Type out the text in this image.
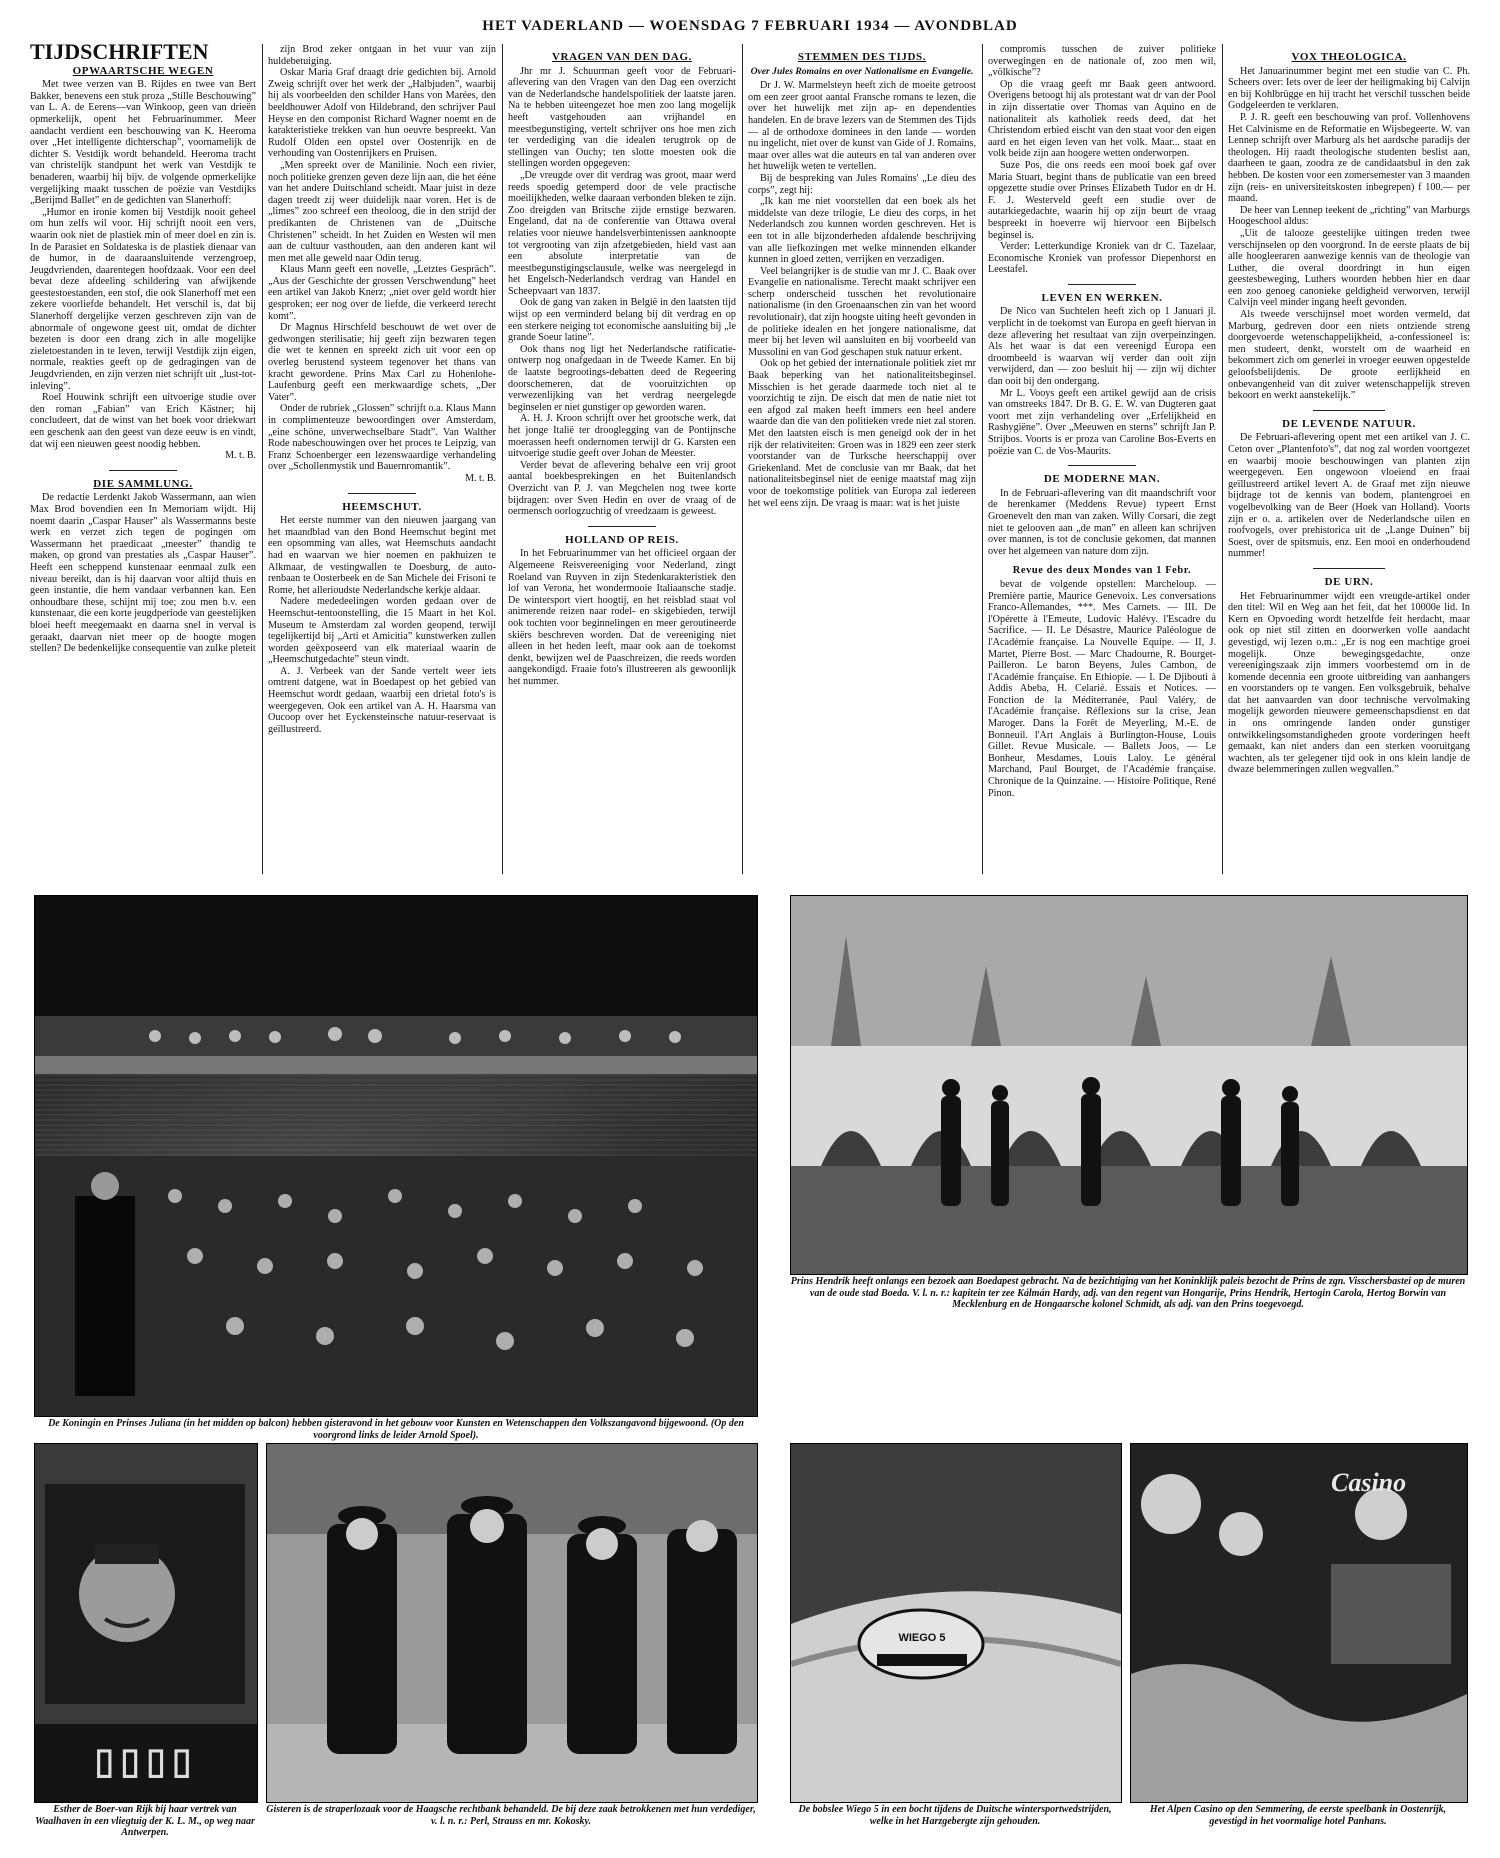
HET VADERLAND — WOENSDAG 7 FEBRUARI 1934 — AVONDBLAD
TIJDSCHRIFTEN
OPWAARTSCHE WEGEN

Met twee verzen van B. Rijdes en twee van Bert Bakker, benevens een stuk proza „Stille Beschouwing” van L. A. de Eerens—van Winkoop, geen van drieën opmerkelijk, opent het Februarinummer. Meer aandacht verdient een beschouwing van K. Heeroma over „Het intelligente dichterschap”, voornamelijk de dichter S. Vestdijk wordt behandeld. Heeroma tracht van christelijk standpunt het werk van Vestdijk te benaderen, waarbij hij bijv. de volgende opmerkelijke vergelijking maakt tusschen de poëzie van Vestdijks „Berijmd Ballet” en de gedichten van Slanerhoff:

„Humor en ironie komen bij Vestdijk nooit geheel om hun zelfs wil voor. Hij schrijft nooit een vers, waarin ook niet de plastiek min of meer doel en zin is. In de Parasiet en Soldateska is de plastiek dienaar van de humor, in de daaraansluitende verzengroep, Jeugdvrienden, daarentegen hoofdzaak. Voor een deel bevat deze afdeeling schildering van afwijkende geestestoestanden, een stof, die ook Slanerhoff met een zekere voorliefde behandelt. Het verschil is, dat bij Slanerhoff dergelijke verzen geschreven zijn van de abnormale of ongewone geest uit, omdat de dichter bezeten is door een drang zich in alle mogelijke zieletoestanden in te leven, terwijl Vestdijk zijn eigen, normale, reakties geeft op de gedragingen van de Jeugdvrienden, en zijn verzen niet schrijft uit „lust-tot-inleving”.

Roel Houwink schrijft een uitvoerige studie over den roman „Fabian” van Erich Kästner; hij concludeert, dat de winst van het boek voor driekwart een geschenk aan den geest van deze eeuw is en vindt, dat wij een nieuwen geest noodig hebben.

M. t. B.
DIE SAMMLUNG.

De redactie Lerdenkt Jakob Wassermann, aan wien Max Brod bovendien een In Memoriam wijdt. Hij noemt daarin „Caspar Hauser” als Wassermanns beste werk en verzet zich tegen de pogingen om Wassermann het praedicaat „meester” thandig te maken, op grond van prestaties als „Caspar Hauser”. Heeft een scheppend kunstenaar eenmaal zulk een niveau bereikt, dan is hij daarvan voor altijd thuis en geen instantie, die hem vandaar verbannen kan. Een onhoudbare these, schijnt mij toe; zou men b.v. een kunstenaar, die een korte jeugdperiode van geestelijken bloei heeft meegemaakt en daarna snel in verval is geraakt, daarvan niet meer op de hoogte mogen stellen? De bedenkelijke consequentie van zulke pleteit

zijn Brod zeker ontgaan in het vuur van zijn huldebetuiging.

Oskar Maria Graf draagt drie gedichten bij. Arnold Zweig schrijft over het werk der „Halbjuden”, waarbij hij als voorbeelden den schilder Hans von Marées, den beeldhouwer Adolf von Hildebrand, den schrijver Paul Heyse en den componist Richard Wagner noemt en de karakteristieke trekken van hun oeuvre bespreekt. Van Rudolf Olden een opstel over Oostenrijk en de verhouding van Oostenrijkers en Pruisen.

„Men spreekt over de Manilinie. Noch een rivier, noch politieke grenzen geven deze lijn aan, die het ééne van het andere Duitschland scheidt. Maar juist in deze dagen treedt zij weer duidelijk naar voren. Het is de „limes” zoo schreef een theoloog, die in den strijd der predikanten de Christenen van de „Duitsche Christenen” scheidt. In het Zuiden en Westen wil men aan de cultuur vasthouden, aan den anderen kant wil men met alle geweld naar Odin terug.

Klaus Mann geeft een novelle, „Letztes Gespräch”. „Aus der Geschichte der grossen Verschwendung” heet een artikel van Jakob Knerz; „niet over geld wordt hier gesproken; eer nog over de liefde, die verkeerd terecht komt”.

Dr Magnus Hirschfeld beschouwt de wet over de gedwongen sterilisatie; hij geeft zijn bezwaren tegen die wet te kennen en spreekt zich uit voor een op overleg berustend systeem tegenover het thans van kracht gewordene. Prins Max Carl zu Hohenlohe-Laufenburg geeft een merkwaardige schets, „Der Vater”.

Onder de rubriek „Glossen” schrijft o.a. Klaus Mann in complimenteuze bewoordingen over Amsterdam, „eine schöne, unverwechselbare Stadt”. Van Walther Rode nabeschouwingen over het proces te Leipzig, van Franz Schoenberger een lezenswaardige verhandeling over „Schollenmystik und Bauernromantik”.

M. t. B.
HEEMSCHUT.

Het eerste nummer van den nieuwen jaargang van het maandblad van den Bond Heemschut begint met een opsomming van alles, wat Heemschuts aandacht had en waarvan we hier noemen en pakhuizen te Alkmaar, de vestingwallen te Doesburg, de auto-renbaan te Oosterbeek en de San Michele dei Frisoni te Rome, het allerioudste Nederlandsche kerkje aldaar.

Nadere mededeelingen worden gedaan over de Heemschut-tentoonstelling, die 15 Maart in het Kol. Museum te Amsterdam zal worden geopend, terwijl tegelijkertijd bij „Arti et Amicitia” kunstwerken zullen worden geëxposeerd van elk materiaal waarin de „Heemschutgedachte” steun vindt.

A. J. Verbeek van der Sande vertelt weer iets omtrent datgene, wat in Boedapest op het gebied van Heemschut wordt gedaan, waarbij een drietal foto's is weergegeven. Ook een artikel van A. H. Haarsma van Oucoop over het Eyckensteinsche natuur-reservaat is geïllustreerd.

VRAGEN VAN DEN DAG.

Jhr mr J. Schuurman geeft voor de Februari-aflevering van den Vragen van den Dag een overzicht van de Nederlandsche handelspolitiek der laatste jaren. Na te hebben uiteengezet hoe men zoo lang mogelijk heeft vastgehouden aan vrijhandel en meestbegunstiging, vertelt schrijver ons hoe men zich ter verdediging van die idealen terugtrok op de stellingen van Ouchy; ten slotte moesten ook die stellingen worden opgegeven:

„De vreugde over dit verdrag was groot, maar werd reeds spoedig getemperd door de vele practische moeilijkheden, welke daaraan verbonden bleken te zijn. Zoo dreigden van Britsche zijde ernstige bezwaren. Engeland, dat na de conferentie van Ottawa overal relaties voor nieuwe handelsverbintenissen aanknoopte tot vergrooting van zijn afzetgebieden, hield vast aan een absolute interpretatie van de meestbegunstigingsclausule, welke was neergelegd in het Engelsch-Nederlandsch verdrag van Handel en Scheepvaart van 1837.

Ook de gang van zaken in België in den laatsten tijd wijst op een verminderd belang bij dit verdrag en op een sterkere neiging tot economische aansluiting bij „le grande Soeur latine”.

Ook thans nog ligt het Nederlandsche ratificatie-ontwerp nog onafgedaan in de Tweede Kamer. En bij de laatste begrootings-debatten deed de Regeering doorschemeren, dat de vooruitzichten op verwezenlijking van het verdrag neergelegde beginselen er niet gunstiger op geworden waren.

A. H. J. Kroon schrijft over het grootsche werk, dat het jonge Italië ter drooglegging van de Pontijnsche moerassen heeft ondernomen terwijl dr G. Karsten een uitvoerige studie geeft over Johan de Meester.

Verder bevat de aflevering behalve een vrij groot aantal boekbesprekingen en het Buitenlandsch Overzicht van P. J. van Megchelen nog twee korte bijdragen: over Sven Hedin en over de vraag of de oermensch oorlogzuchtig of vreedzaam is geweest.

HOLLAND OP REIS.

In het Februarinummer van het officieel orgaan der Algemeene Reisvereeniging voor Nederland, zingt Roeland van Ruyven in zijn Stedenkarakteristiek den lof van Verona, het wondermooie Italiaansche stadje. De wintersport viert hoogtij, en het reisblad staat vol animerende reizen naar rodel- en skigebieden, terwijl ook tochten voor beginnelingen en meer geroutineerde skiërs beschreven worden. Dat de vereeniging niet alleen in het heden leeft, maar ook aan de toekomst denkt, bewijzen wel de Paaschreizen, die reeds worden aangekondigd. Fraaie foto's illustreeren als gewoonlijk het nummer.

STEMMEN DES TIJDS.
Over Jules Romains en over Nationalisme en Evangelie.

Dr J. W. Marmelsteyn heeft zich de moeite getroost om een zeer groot aantal Fransche romans te lezen, die over het huwelijk met zijn ap- en dependenties handelen. En de brave lezers van de Stemmen des Tijds — al de orthodoxe dominees in den lande — worden nu ingelicht, niet over de kunst van Gide of J. Romains, maar over alles wat die auteurs en tal van anderen over het huwelijk weten te vertellen.

Bij de bespreking van Jules Romains' „Le dieu des corps”, zegt hij:

„Ik kan me niet voorstellen dat een boek als het middelste van deze trilogie, Le dieu des corps, in het Nederlandsch zou kunnen worden geschreven. Het is een tot in alle bijzonderheden afdalende beschrijving van alle liefkozingen met welke minnenden elkander kunnen in gloed zetten, verrijken en verzadigen.

Veel belangrijker is de studie van mr J. C. Baak over Evangelie en nationalisme. Terecht maakt schrijver een scherp onderscheid tusschen het revolutionaire nationalisme (in den Groenaanschen zin van het woord revolutionair), dat zijn hoogste uiting heeft gevonden in de politieke idealen en het jongere nationalisme, dat meer bij het leven wil aansluiten en bij voorbeeld van Mussolini en van God geschapen stuk natuur erkent.

Ook op het gebied der internationale politiek ziet mr Baak beperking van het nationaliteitsbeginsel. Misschien is het gerade daarmede toch niet al te voorzichtig te zijn. De eisch dat men de natie niet tot een afgod zal maken heeft immers een heel andere waarde dan die van den politieken vrede niet zal storen. Met den laatsten eisch is men geneigd ook der in het rijk der relativiteiten: Groen was in 1829 een zeer sterk voorstander van de Turksche heerschappij over Griekenland. Met de conclusie van mr Baak, dat het nationaliteitsbeginsel niet de eenige maatstaf mag zijn voor de toekomstige politiek van Europa zal iedereen het wel eens zijn. De vraag is maar: wat is het juiste

compromis tusschen de zuiver politieke overwegingen en de nationale of, zoo men wil, „völkische”?

Op die vraag geeft mr Baak geen antwoord. Overigens betoogt hij als protestant wat dr van der Pool in zijn dissertatie over Thomas van Aquino en de nationaliteit als katholiek reeds deed, dat het Christendom erbied eischt van den staat voor den eigen aard en het eigen leven van het volk. Maar... staat en volk beide zijn aan hoogere wetten onderworpen.

Suze Pos, die ons reeds een mooi boek gaf over Maria Stuart, begint thans de publicatie van een breed opgezette studie over Prinses Elizabeth Tudor en dr H. F. J. Westerveld geeft een studie over de autarkiegedachte, waarin hij op zijn beurt de vraag bespreekt in hoeverre wij hiervoor een Bijbelsch beginsel is.

Verder: Letterkundige Kroniek van dr C. Tazelaar, Economische Kroniek van professor Diepenhorst en Leestafel.

LEVEN EN WERKEN.

De Nico van Suchtelen heeft zich op 1 Januari jl. verplicht in de toekomst van Europa en geeft hiervan in deze aflevering het resultaat van zijn overpeinzingen. Als het waar is dat een vereenigd Europa een droombeeld is waarvan wij verder dan ooit zijn verwijderd, dan — zoo besluit hij — zijn wij dichter dan ooit bij den ondergang.

Mr L. Vooys geeft een artikel gewijd aan de crisis van omstreeks 1847. Dr B. G. E. W. van Dugteren gaat voort met zijn verhandeling over „Erfelijkheid en Rashygiëne”. Over „Meeuwen en sterns” schrijft Jan P. Strijbos. Voorts is er proza van Caroline Bos-Everts en poëzie van C. de Vos-Maurits.

DE MODERNE MAN.

In de Februari-aflevering van dit maandschrift voor de herenkamer (Meddens Revue) typeert Ernst Groenevelt den man van zaken. Willy Corsari, die zegt niet te gelooven aan „de man” en alleen kan schrijven over mannen, is tot de conclusie gekomen, dat mannen over het algemeen van nature dom zijn.

Revue des deux Mondes van 1 Febr.

bevat de volgende opstellen: Marcheloup. — Première partie, Maurice Genevoix. Les conversations Franco-Allemandes, ***. Mes Carnets. — III. De l'Opérette à l'Emeute, Ludovic Halévy. l'Escadre du Sacrifice. — II. Le Désastre, Maurice Paléologue de l'Académie française. La Nouvelle Equipe. — II, J. Martet, Pierre Bost. — Marc Chadourne, R. Bourget-Pailleron. Le baron Beyens, Jules Cambon, de l'Académie française. En Ethiopie. — I. De Djibouti à Addis Abeba, H. Celarié. Essais et Notices. — Fonction de la Méditerranée, Paul Valéry, de l'Académie française. Réflexions sur la crise, Jean Maroger. Dans la Forêt de Meyerling, M.-E. de Bonneuil. l'Art Anglais à Burlington-House, Louis Gillet. Revue Musicale. — Ballets Joos, — Le Bonheur, Mesdames, Louis Laloy. Le général Marchand, Paul Bourget, de l'Académie française. Chronique de la Quinzaine. — Histoire Politique, René Pinon.

VOX THEOLOGICA.

Het Januarinummer begint met een studie van C. Ph. Scheers over: Iets over de leer der heiligmaking bij Calvijn en bij Kohlbrügge en hij tracht het verschil tusschen beide Godgeleerden te verklaren.

P. J. R. geeft een beschouwing van prof. Vollenhovens Het Calvinisme en de Reformatie en Wijsbegeerte. W. van Lennep schrijft over Marburg als het aardsche paradijs der theologen. Hij raadt theologische studenten beslist aan, daarheen te gaan, zoodra ze de candidaatsbul in den zak hebben. De kosten voor een zomersemester van 3 maanden zijn (reis- en universiteitskosten inbegrepen) f 100.— per maand.

De heer van Lennep teekent de „richting” van Marburgs Hoogeschool aldus:

„Uit de talooze geestelijke uitingen treden twee verschijnselen op den voorgrond. In de eerste plaats de bij alle hoogleeraren aanwezige kennis van de theologie van Luther, die overal doordringt in hun eigen geestesbeweging, Luthers woorden hebben hier en daar een zoo genoeg canonieke geldigheid verworven, terwijl Calvijn veel minder ingang heeft gevonden.

Als tweede verschijnsel moet worden vermeld, dat Marburg, gedreven door een niets ontziende streng doorgevoerde wetenschappelijkheid, a-confessioneel is: men studeert, denkt, worstelt om de waarheid en bekommert zich om generlei in vroeger eeuwen opgestelde geloofsbelijdenis. De groote eerlijkheid en onbevangenheid van dit zuiver wetenschappelijk streven bekoort en werkt aanstekelijk.”

DE LEVENDE NATUUR.

De Februari-aflevering opent met een artikel van J. C. Ceton over „Plantenfoto's”, dat nog zal worden voortgezet en waarbij mooie beschouwingen van planten zijn weergegeven. Een ongewoon vloeiend en fraai geïllustreerd artikel levert A. de Graaf met zijn nieuwe bijdrage tot de kennis van bodem, plantengroei en vogelbevolking van de Beer (Hoek van Holland). Voorts zijn er o. a. artikelen over de Nederlandsche uilen en roofvogels, over prehistorica uit de „Lange Duinen” bij Soest, over de spitsmuis, enz. Een mooi en onderhoudend nummer!

DE URN.

Het Februarinummer wijdt een vreugde-artikel onder den titel: Wil en Weg aan het feit, dat het 10000e lid. In Kern en Opvoeding wordt hetzelfde feit herdacht, maar ook op niet stil zitten en doorwerken volle aandacht gevestigd, wij lezen o.m.: „Er is nog een machtige groei mogelijk. Onze bewegingsgedachte, onze vereenigingszaak zijn immers voorbestemd om in de komende decennia een groote uitbreiding van aanhangers en voorstanders op te vangen. Een volksgebruik, behalve dat het aanvaarden van door technische vervolmaking mogelijk geworden nieuwere gemeenschapsdienst en dat in ons omringende landen onder gunstiger ontwikkelingsomstandigheden groote vorderingen heeft gemaakt, kan niet anders dan een sterken vooruitgang wachten, als ter gelegener tijd ook in ons klein landje de dwaze belemmeringen zullen wegvallen.”

De Koningin en Prinses Juliana (in het midden op balcon) hebben gisteravond in het gebouw voor Kunsten en Wetenschappen den Volkszangavond bijgewoond. (Op den voorgrond links de leider Arnold Spoel).
Prins Hendrik heeft onlangs een bezoek aan Boedapest gebracht. Na de bezichtiging van het Koninklijk paleis bezocht de Prins de zgn. Visschersbastei op de muren van de oude stad Boeda. V. l. n. r.: kapitein ter zee Kálmán Hardy, adj. van den regent van Hongarije, Prins Hendrik, Hertogin Carola, Hertog Borwin van Mecklenburg en de Hongaarsche kolonel Schmidt, als adj. van den Prins toegevoegd.
▯▯▯▯
Esther de Boer-van Rijk bij haar vertrek van Waalhaven in een vliegtuig der K. L. M., op weg naar Antwerpen.
Gisteren is de straperlozaak voor de Haagsche rechtbank behandeld. De bij deze zaak betrokkenen met hun verdediger, v. l. n. r.: Perl, Strauss en mr. Kokosky.
WIEGO 5
De bobslee Wiego 5 in een bocht tijdens de Duitsche wintersportwedstrijden, welke in het Harzgebergte zijn gehouden.
Casino
Het Alpen Casino op den Semmering, de eerste speelbank in Oostenrijk, gevestigd in het voormalige hotel Panhans.
